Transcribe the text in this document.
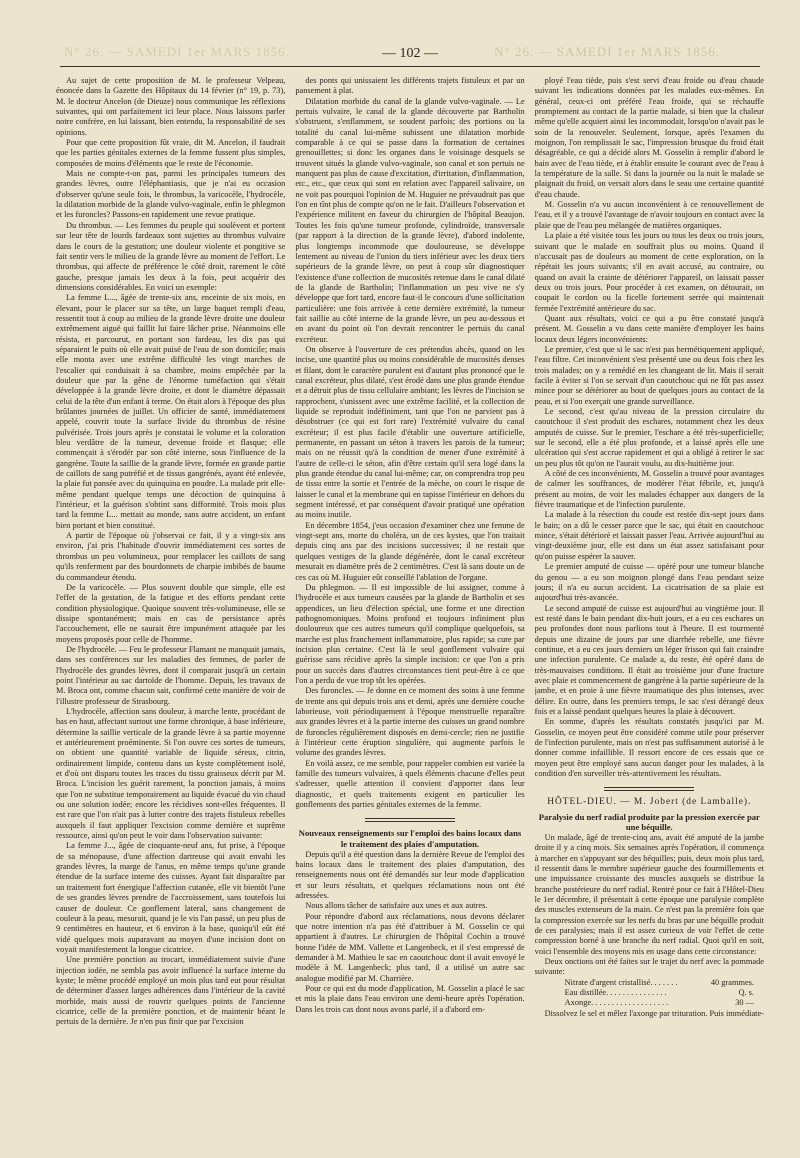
N° 26. — SAMEDI 1er MARS 1856.	— 102 —	N° 26. — SAMEDI 1er MARS 1856.

Au sujet de cette proposition de M. le professeur Velpeau, énoncée dans la Gazette des Hôpitaux du 14 février (n° 19, p. 73), M. le docteur Ancelon (de Dieuze) nous communique les réflexions suivantes, qui ont parfaitement ici leur place. Nous laissons parler notre confrère, en lui laissant, bien entendu, la responsabilité de ses opinions.

Pour que cette proposition fût vraie, dit M. Ancelon, il faudrait que les parties génitales externes de la femme fussent plus simples, composées de moins d'éléments que le reste de l'économie.

Mais ne compte-t-on pas, parmi les principales tumeurs des grandes lèvres, outre l'éléphantiasis, que je n'ai eu occasion d'observer qu'une seule fois, le thrombus, la varicocèle, l'hydrocèle, la dilatation morbide de la glande vulvo-vaginale, enfin le phlegmon et les furoncles? Passons-en rapidement une revue pratique.

Du thrombus. — Les femmes du peuple qui soulèvent et portent sur leur tête de lourds fardeaux sont sujettes au thrombus vulvaire dans le cours de la gestation; une douleur violente et pongitive se fait sentir vers le milieu de la grande lèvre au moment de l'effort. Le thrombus, qui affecte de préférence le côté droit, rarement le côté gauche, presque jamais les deux à la fois, peut acquérir des dimensions considérables. En voici un exemple:

La femme L..., âgée de trente-six ans, enceinte de six mois, en élevant, pour le placer sur sa tête, un large baquet rempli d'eau, ressentit tout à coup au milieu de la grande lèvre droite une douleur extrêmement aiguë qui faillit lui faire lâcher prise. Néanmoins elle résista, et parcourut, en portant son fardeau, les dix pas qui séparaient le puits où elle avait puisé de l'eau de son domicile; mais elle monta avec une extrême difficulté les vingt marches de l'escalier qui conduisait à sa chambre, moins empêchée par la douleur que par la gêne de l'énorme tuméfaction qui s'était développée à la grande lèvre droite, et dont le diamètre dépassait celui de la tête d'un enfant à terme. On était alors à l'époque des plus brûlantes journées de juillet. Un officier de santé, immédiatement appelé, couvrit toute la surface livide du thrombus de résine pulvérisée. Trois jours après je constatai le volume et la coloration bleu verdâtre de la tumeur, devenue froide et flasque; elle commençait à s'érodér par son côté interne, sous l'influence de la gangrène. Toute la saillie de la grande lèvre, formée en grande partie de caillots de sang putréfié et de tissus gangrénés, ayant été enlevée, la plaie fut pansée avec du quinquina en poudre. La malade prit elle-même pendant quelque temps une décoction de quinquina à l'intérieur, et la guérison s'obtint sans difformité. Trois mois plus tard la femme L... mettait au monde, sans autre accident, un enfant bien portant et bien constitué.

A partir de l'époque où j'observai ce fait, il y a vingt-six ans environ, j'ai pris l'habitude d'ouvrir immédiatement ces sortes de thrombus un peu volumineux, pour remplacer les caillots de sang qu'ils renferment par des bourdonnets de charpie imbibés de baume du commandeur étendu.

De la varicocèle. — Plus souvent double que simple, elle est l'effet de la gestation, de la fatigue et des efforts pendant cette condition physiologique. Quoique souvent très-volumineuse, elle se dissipe spontanément; mais en cas de persistance après l'accouchement, elle ne saurait être impunément attaquée par les moyens proposés pour celle de l'homme.

De l'hydrocèle. — Feu le professeur Flamant ne manquait jamais, dans ses conférences sur les maladies des femmes, de parler de l'hydrocèle des grandes lèvres, dont il comparait jusqu'à un certain point l'intérieur au sac dartoïde de l'homme. Depuis, les travaux de M. Broca ont, comme chacun sait, confirmé cette manière de voir de l'illustre professeur de Strasbourg.

L'hydrocèle, affection sans douleur, à marche lente, procédant de bas en haut, affectant surtout une forme chronique, à base inférieure, détermine la saillie verticale de la grande lèvre à sa partie moyenne et antérieurement proéminente. Si l'on ouvre ces sortes de tumeurs, on obtient une quantité variable de liquide séreux, citrin, ordinairement limpide, contenu dans un kyste complètement isolé, et d'où ont disparu toutes les traces du tissu graisseux décrit par M. Broca. L'incision les guérit rarement, la ponction jamais, à moins que l'on ne substitue temporairement au liquide évacué du vin chaud ou une solution iodée; encore les récidives sont-elles fréquentes. Il est rare que l'on n'ait pas à lutter contre des trajets fistuleux rebelles auxquels il faut appliquer l'excision comme dernière et suprême ressource, ainsi qu'on peut le voir dans l'observation suivante:

La femme J..., âgée de cinquante-neuf ans, fut prise, à l'époque de sa ménopause, d'une affection dartreuse qui avait envahi les grandes lèvres, la marge de l'anus, en même temps qu'une grande étendue de la surface interne des cuisses. Ayant fait disparaître par un traitement fort énergique l'affection cutanée, elle vit bientôt l'une de ses grandes lèvres prendre de l'accroissement, sans toutefois lui causer de douleur. Ce gonflement lateral, sans changement de couleur à la peau, mesurait, quand je le vis l'an passé, un peu plus de 9 centimètres en hauteur, et 6 environ à la base, quoiqu'il eût été vidé quelques mois auparavant au moyen d'une incision dont on voyait manifestement la longue cicatrice.

Une première ponction au trocart, immédiatement suivie d'une injection iodée, ne sembla pas avoir influencé la surface interne du kyste; le même procédé employé un mois plus tard eut pour résultat de déterminer d'assez larges adhérences dans l'intérieur de la cavité morbide, mais aussi de rouvrir quelques points de l'ancienne cicatrice, celle de la première ponction, et de maintenir béant le pertuis de la dernière. Je n'en pus finir que par l'excision

des ponts qui unissaient les différents trajets fistuleux et par un pansement à plat.

Dilatation morbide du canal de la glande vulvo-vaginale. — Le pertuis vulvaire, le canal de la glande découverte par Bartholin s'obstruent, s'enflamment, se soudent parfois; des portions ou la totalité du canal lui-même subissent une dilatation morbide comparable à ce qui se passe dans la formation de certaines grenouillettes; si donc les organes dans le voisinage desquels se trouvent situés la glande vulvo-vaginale, son canal et son pertuis ne manquent pas plus de cause d'excitation, d'irritation, d'inflammation, etc., etc., que ceux qui sont en relation avec l'appareil salivaire, on ne voit pas pourquoi l'opinion de M. Huguier ne prévaudrait pas que l'on en tînt plus de compte qu'on ne le fait. D'ailleurs l'observation et l'expérience militent en faveur du chirurgien de l'hôpital Beaujon. Toutes les fois qu'une tumeur profonde, cylindroïde, transversale (par rapport à la direction de la grande lèvre), d'abord indolente, plus longtemps incommode que douloureuse, se développe lentement au niveau de l'union du tiers inférieur avec les deux tiers supérieurs de la grande lèvre, on peut à coup sûr diagnostiquer l'existence d'une collection de mucosités retenue dans le canal dilaté de la glande de Bartholin; l'inflammation un peu vive ne s'y développe que fort tard, encore faut-il le concours d'une sollicitation particulière: une fois arrivée à cette dernière extrémité, la tumeur fait saillie au côté interne de la grande lèvre, un peu au-dessous et en avant du point où l'on devrait rencontrer le pertuis du canal excréteur.

On observe à l'ouverture de ces prétendus abcès, quand on les incise, une quantité plus ou moins considérable de mucosités denses et filant, dont le caractère purulent est d'autant plus prononcé que le canal excréteur, plus dilaté, s'est érodé dans une plus grande étendue et a détruit plus de tissu cellulaire ambiant; les lèvres de l'incision se rapprochent, s'unissent avec une extrême facilité, et la collection de liquide se reproduit indéfiniment, tant que l'on ne parvient pas à désobstruer (ce qui est fort rare) l'extrémité vulvaire du canal excréteur; il est plus facile d'établir une ouverture artificielle, permanente, en passant un séton à travers les parois de la tumeur; mais on ne réussit qu'à la condition de mener d'une extrémité à l'autre de celle-ci le séton, afin d'être certain qu'il sera logé dans la plus grande étendue du canal lui-même; car, on comprendra trop peu de tissu entre la sortie et l'entrée de la mèche, on court le risque de laisser le canal et la membrane qui en tapisse l'intérieur en dehors du segment intéressé, et par conséquent d'avoir pratiqué une opération au moins inutile.

En décembre 1854, j'eus occasion d'examiner chez une femme de vingt-sept ans, morte du choléra, un de ces kystes, que l'on traitait depuis cinq ans par des incisions successives; il ne restait que quelques vestiges de la glande dégénérée, dont le canal excréteur mesurait en diamètre près de 2 centimètres. C'est là sans doute un de ces cas où M. Huguier eût conseillé l'ablation de l'organe.

Du phlegmon. — Il est impossible de lui assigner, comme à l'hydrocèle et aux tumeurs causées par la glande de Bartholin et ses appendices, un lieu d'élection spécial, une forme et une direction pathognomoniques. Moins profond et toujours infiniment plus douloureux que ces autres tumeurs qu'il complique quelquefois, sa marche est plus franchement inflammatoire, plus rapide; sa cure par incision plus certaine. C'est là le seul gonflement vulvaire qui guérisse sans récidive après la simple incision: ce que l'on a pris pour un succès dans d'autres circonstances tient peut-être à ce que l'on a perdu de vue trop tôt les opérées.

Des furoncles. — Je donne en ce moment des soins à une femme de trente ans qui depuis trois ans et demi, après une dernière couche laborieuse, voit périodiquement à l'époque menstruelle reparaître aux grandes lèvres et à la partie interne des cuisses un grand nombre de furoncles régulièrement disposés en demi-cercle; rien ne justifie à l'intérieur cette éruption singulière, qui augmente parfois le volume des grandes lèvres.

En voilà assez, ce me semble, pour rappeler combien est variée la famille des tumeurs vulvaires, à quels éléments chacune d'elles peut s'adresser, quelle attention il convient d'apporter dans leur diagnostic, et quels traitements exigent en particulier les gonflements des parties génitales externes de la femme.

Nouveaux renseignements sur l'emploi des bains locaux dans le traitement des plaies d'amputation.

Depuis qu'il a été question dans la dernière Revue de l'emploi des bains locaux dans le traitement des plaies d'amputation, des renseignements nous ont été demandés sur leur mode d'application et sur leurs résultats, et quelques réclamations nous ont été adressées.

Nous allons tâcher de satisfaire aux unes et aux autres.

Pour répondre d'abord aux réclamations, nous devons déclarer que notre intention n'a pas été d'attribuer à M. Gosselin ce qui appartient à d'autres. Le chirurgien de l'hôpital Cochin a trouvé bonne l'idée de MM. Vallette et Langenbeck, et il s'est empressé de demander à M. Mathieu le sac en caoutchouc dont il avait envoyé le modèle à M. Langenbeck; plus tard, il a utilisé un autre sac analogue modifié par M. Charrière.

Pour ce qui est du mode d'application, M. Gosselin a placé le sac et mis la plaie dans l'eau environ une demi-heure après l'opération. Dans les trois cas dont nous avons parlé, il a d'abord em-

ployé l'eau tiède, puis s'est servi d'eau froide ou d'eau chaude suivant les indications données par les malades eux-mêmes. En général, ceux-ci ont préféré l'eau froide, qui se réchauffe promptement au contact de la partie malade, si bien que la chaleur même qu'elle acquiert ainsi les incommodait, lorsqu'on n'avait pas le soin de la renouveler. Seulement, lorsque, après l'examen du moignon, l'on remplissait le sac, l'impression brusque du froid était désagréable, ce qui a décidé alors M. Gosselin à remplir d'abord le bain avec de l'eau tiède, et à établir ensuite le courant avec de l'eau à la température de la salle. Si dans la journée ou la nuit le malade se plaignait du froid, on versait alors dans le seau une certaine quantité d'eau chaude.

M. Gosselin n'a vu aucun inconvénient à ce renouvellement de l'eau, et il y a trouvé l'avantage de n'avoir toujours en contact avec la plaie que de l'eau peu mélangée de matières organiques.

La plaie a été visitée tous les jours ou tous les deux ou trois jours, suivant que le malade en souffrait plus ou moins. Quand il n'accusait pas de douleurs au moment de cette exploration, on la répétait les jours suivants; s'il en avait accusé, au contraire, ou quand on avait la crainte de détériorer l'appareil, on laissait passer deux ou trois jours. Pour procéder à cet examen, on détourait, on coupait le cordon ou la ficelle fortement serrée qui maintenait fermée l'extrémité antérieure du sac.

Quant aux résultats, voici ce qui a pu être constaté jusqu'à présent. M. Gosselin a vu dans cette manière d'employer les bains locaux deux légers inconvénients:

Le premier, c'est que si le sac n'est pas hermétiquement appliqué, l'eau filtre. Cet inconvénient s'est présenté une ou deux fois chez les trois malades; on y a remédié en les changeant de lit. Mais il serait facile à éviter si l'on se servait d'un caoutchouc qui ne fût pas assez mince pour se détériorer au bout de quelques jours au contact de la peau, et si l'on exerçait une grande surveillance.

Le second, c'est qu'au niveau de la pression circulaire du caoutchouc il s'est produit des eschares, notamment chez les deux amputés de cuisse. Sur le premier, l'eschare a été très-superficielle; sur le second, elle a été plus profonde, et a laissé après elle une ulcération qui s'est accrue rapidement et qui a obligé à retirer le sac un peu plus tôt qu'on ne l'aurait voulu, au dix-huitième jour.

A côté de ces inconvénients, M. Gosselin a trouvé pour avantages de calmer les souffrances, de modérer l'état fébrile, et, jusqu'à présent au moins, de voir les malades échapper aux dangers de la fièvre traumatique et de l'infection purulente.

La malade à la résection du coude est restée dix-sept jours dans le bain; on a dû le cesser parce que le sac, qui était en caoutchouc mince, s'était détérioré et laissait passer l'eau. Arrivée aujourd'hui au vingt-deuxième jour, elle est dans un état assez satisfaisant pour qu'on puisse espérer la sauver.

Le premier amputé de cuisse — opéré pour une tumeur blanche du genou — a eu son moignon plongé dans l'eau pendant seize jours; il n'a eu aucun accident. La cicatrisation de sa plaie est aujourd'hui très-avancée.

Le second amputé de cuisse est aujourd'hui au vingtième jour. Il est resté dans le bain pendant dix-huit jours, et a eu ces eschares un peu profondes dont nous parlions tout à l'heure. Il est tourmenté depuis une dizaine de jours par une diarrhée rebelle, une fièvre continue, et a eu ces jours derniers un léger frisson qui fait craindre une infection purulente. Ce malade a, du reste, été opéré dans de très-mauvaises conditions. Il était au troisième jour d'une fracture avec plaie et commencement de gangrène à la partie supérieure de la jambe, et en proie à une fièvre traumatique des plus intenses, avec délire. En outre, dans les premiers temps, le sac s'est dérangé deux fois et a laissé pendant quelques heures la plaie à découvert.

En somme, d'après les résultats constatés jusqu'ici par M. Gosselin, ce moyen peut être considéré comme utile pour préserver de l'infection purulente, mais on n'est pas suffisamment autorisé à le donner comme infaillible. Il ressort encore de ces essais que ce moyen peut être employé sans aucun danger pour les malades, à la condition d'en surveiller très-attentivement les résultats.

HÔTEL-DIEU. — M. Jobert (de Lamballe).

Paralysie du nerf radial produite par la pression exercée par une béquille.

Un malade, âgé de trente-cinq ans, avait été amputé de la jambe droite il y a cinq mois. Six semaines après l'opération, il commença à marcher en s'appuyant sur des béquilles; puis, deux mois plus tard, il ressentit dans le membre supérieur gauche des fourmillements et une impuissance croissante des muscles auxquels se distribue la branche postérieure du nerf radial. Rentré pour ce fait à l'Hôtel-Dieu le 1er décembre, il présentait à cette époque une paralysie complète des muscles extenseurs de la main. Ce n'est pas la première fois que la compression exercée sur les nerfs du bras par une béquille produit de ces paralysies; mais il est assez curieux de voir l'effet de cette compression borné à une branche du nerf radial. Quoi qu'il en soit, voici l'ensemble des moyens mis en usage dans cette circonstance:

Deux onctions ont été faites sur le trajet du nerf avec la pommade suivante:

Nitrate d'argent cristallisé. . . . . . .	40 grammes.
Eau distillée. . . . . . . . . . . . . . .	Q. s.
Axonge. . . . . . . . . . . . . . . . . . .	30 —

Dissolvez le sel et mêlez l'axonge par trituration. Puis immédiate-
